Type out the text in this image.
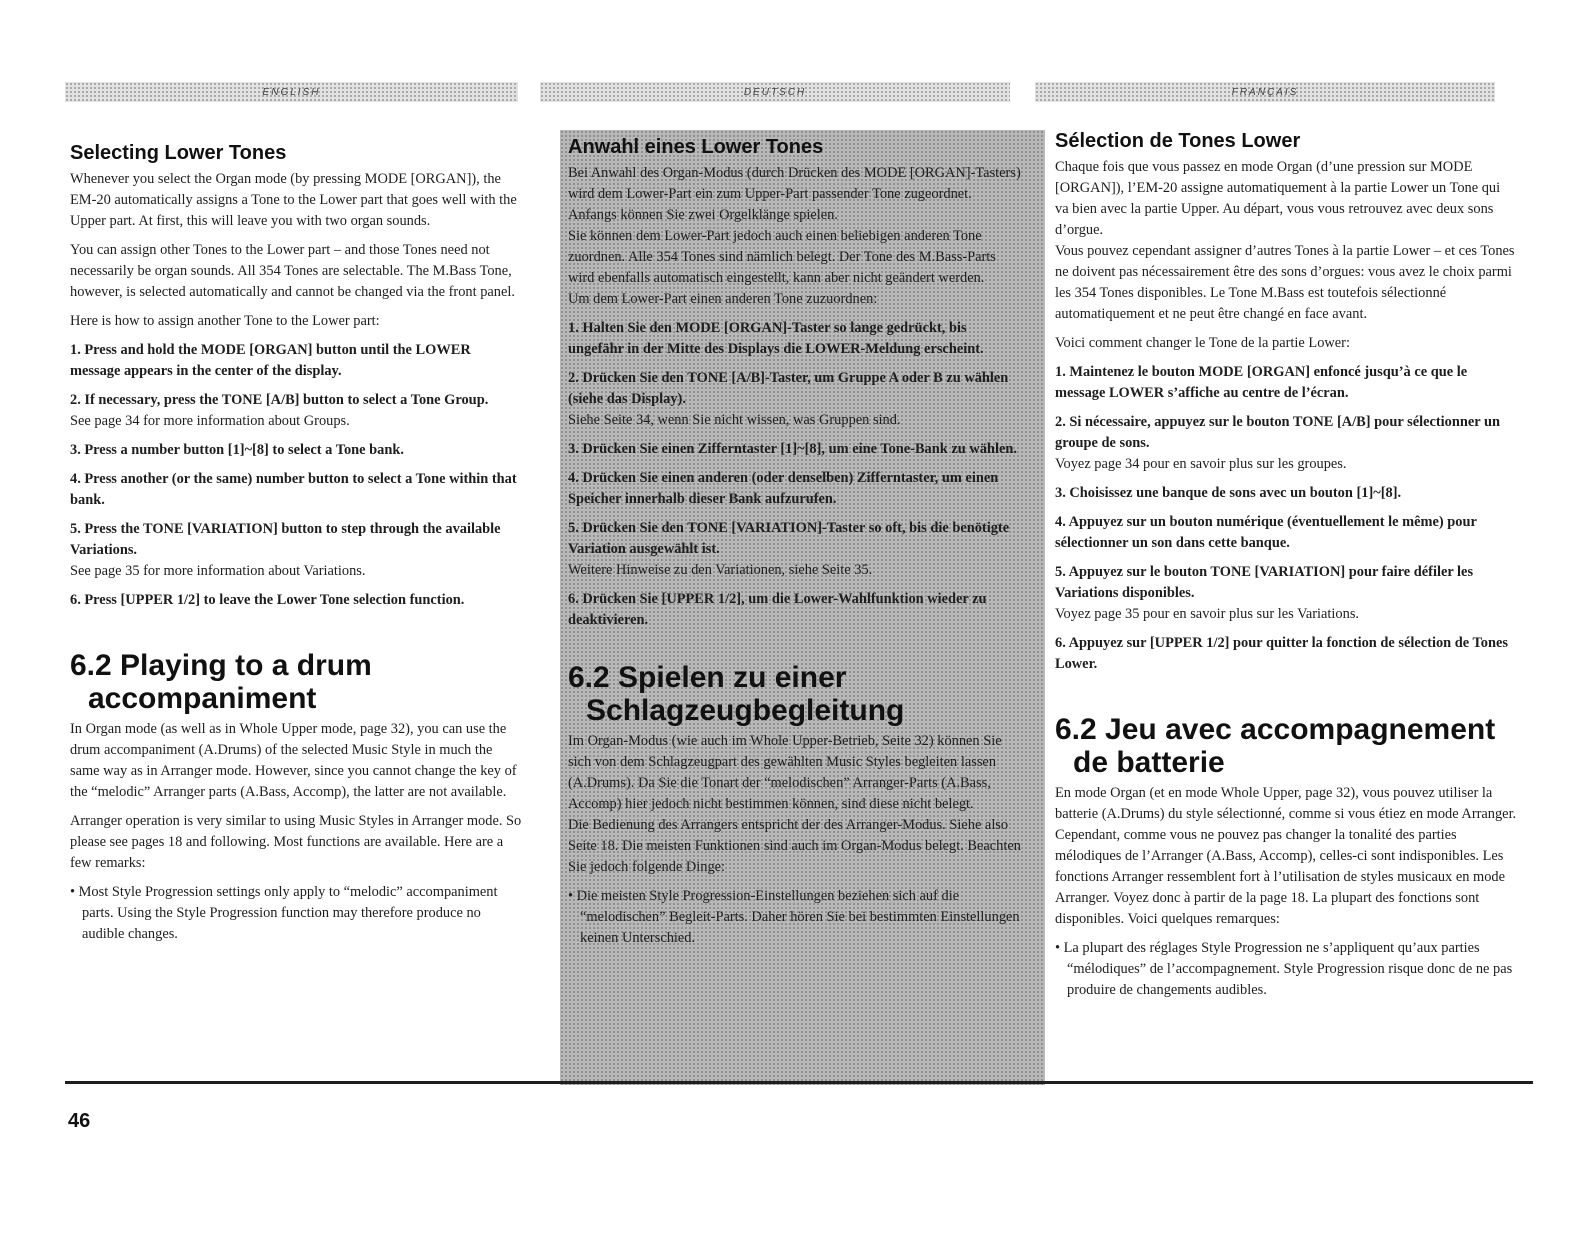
ENGLISH	DEUTSCH	FRANÇAIS
Selecting Lower Tones

Whenever you select the Organ mode (by pressing MODE [ORGAN]), the EM-20 automatically assigns a Tone to the Lower part that goes well with the Upper part. At first, this will leave you with two organ sounds.

You can assign other Tones to the Lower part – and those Tones need not necessarily be organ sounds. All 354 Tones are selectable. The M.Bass Tone, however, is selected automatically and cannot be changed via the front panel.

Here is how to assign another Tone to the Lower part:

1. Press and hold the MODE [ORGAN] button until the LOWER message appears in the center of the display.

2. If necessary, press the TONE [A/B] button to select a Tone Group.

See page 34 for more information about Groups.

3. Press a number button [1]~[8] to select a Tone bank.

4. Press another (or the same) number button to select a Tone within that bank.

5. Press the TONE [VARIATION] button to step through the available Variations.

See page 35 for more information about Variations.

6. Press [UPPER 1/2] to leave the Lower Tone selection function.

6.2 Playing to a drum accompaniment

In Organ mode (as well as in Whole Upper mode, page 32), you can use the drum accompaniment (A.Drums) of the selected Music Style in much the same way as in Arranger mode. However, since you cannot change the key of the “melodic” Arranger parts (A.Bass, Accomp), the latter are not available.

Arranger operation is very similar to using Music Styles in Arranger mode. So please see pages 18 and following. Most functions are available. Here are a few remarks:

• Most Style Progression settings only apply to “melodic” accompaniment parts. Using the Style Progression function may therefore produce no audible changes.

Anwahl eines Lower Tones

Bei Anwahl des Organ-Modus (durch Drücken des MODE [ORGAN]-Tasters) wird dem Lower-Part ein zum Upper-Part passender Tone zugeordnet. Anfangs können Sie zwei Orgelklänge spielen.

Sie können dem Lower-Part jedoch auch einen beliebigen anderen Tone zuordnen. Alle 354 Tones sind nämlich belegt. Der Tone des M.Bass-Parts wird ebenfalls automatisch eingestellt, kann aber nicht geändert werden.

Um dem Lower-Part einen anderen Tone zuzuordnen:

1. Halten Sie den MODE [ORGAN]-Taster so lange gedrückt, bis ungefähr in der Mitte des Displays die LOWER-Meldung erscheint.

2. Drücken Sie den TONE [A/B]-Taster, um Gruppe A oder B zu wählen (siehe das Display).

Siehe Seite 34, wenn Sie nicht wissen, was Gruppen sind.

3. Drücken Sie einen Zifferntaster [1]~[8], um eine Tone-Bank zu wählen.

4. Drücken Sie einen anderen (oder denselben) Zifferntaster, um einen Speicher innerhalb dieser Bank aufzurufen.

5. Drücken Sie den TONE [VARIATION]-Taster so oft, bis die benötigte Variation ausgewählt ist.

Weitere Hinweise zu den Variationen, siehe Seite 35.

6. Drücken Sie [UPPER 1/2], um die Lower-Wahlfunktion wieder zu deaktivieren.

6.2 Spielen zu einer Schlagzeugbegleitung

Im Organ-Modus (wie auch im Whole Upper-Betrieb, Seite 32) können Sie sich von dem Schlagzeugpart des gewählten Music Styles begleiten lassen (A.Drums). Da Sie die Tonart der “melodischen” Arranger-Parts (A.Bass, Accomp) hier jedoch nicht bestimmen können, sind diese nicht belegt.

Die Bedienung des Arrangers entspricht der des Arranger-Modus. Siehe also Seite 18. Die meisten Funktionen sind auch im Organ-Modus belegt. Beachten Sie jedoch folgende Dinge:

• Die meisten Style Progression-Einstellungen beziehen sich auf die “melodischen” Begleit-Parts. Daher hören Sie bei bestimmten Einstellungen keinen Unterschied.

Sélection de Tones Lower

Chaque fois que vous passez en mode Organ (d’une pression sur MODE [ORGAN]), l’EM-20 assigne automatiquement à la partie Lower un Tone qui va bien avec la partie Upper. Au départ, vous vous retrouvez avec deux sons d’orgue.

Vous pouvez cependant assigner d’autres Tones à la partie Lower – et ces Tones ne doivent pas nécessairement être des sons d’orgues: vous avez le choix parmi les 354 Tones disponibles. Le Tone M.Bass est toutefois sélectionné automatiquement et ne peut être changé en face avant.

Voici comment changer le Tone de la partie Lower:

1. Maintenez le bouton MODE [ORGAN] enfoncé jusqu’à ce que le message LOWER s’affiche au centre de l’écran.

2. Si nécessaire, appuyez sur le bouton TONE [A/B] pour sélectionner un groupe de sons.

Voyez page 34 pour en savoir plus sur les groupes.

3. Choisissez une banque de sons avec un bouton [1]~[8].

4. Appuyez sur un bouton numérique (éventuellement le même) pour sélectionner un son dans cette banque.

5. Appuyez sur le bouton TONE [VARIATION] pour faire défiler les Variations disponibles.

Voyez page 35 pour en savoir plus sur les Variations.

6. Appuyez sur [UPPER 1/2] pour quitter la fonction de sélection de Tones Lower.

6.2 Jeu avec accompagnement de batterie

En mode Organ (et en mode Whole Upper, page 32), vous pouvez utiliser la batterie (A.Drums) du style sélectionné, comme si vous étiez en mode Arranger. Cependant, comme vous ne pouvez pas changer la tonalité des parties mélodiques de l’Arranger (A.Bass, Accomp), celles-ci sont indisponibles. Les fonctions Arranger ressemblent fort à l’utilisation de styles musicaux en mode Arranger. Voyez donc à partir de la page 18. La plupart des fonctions sont disponibles. Voici quelques remarques:

• La plupart des réglages Style Progression ne s’appliquent qu’aux parties “mélodiques” de l’accompagnement. Style Progression risque donc de ne pas produire de changements audibles.

46
